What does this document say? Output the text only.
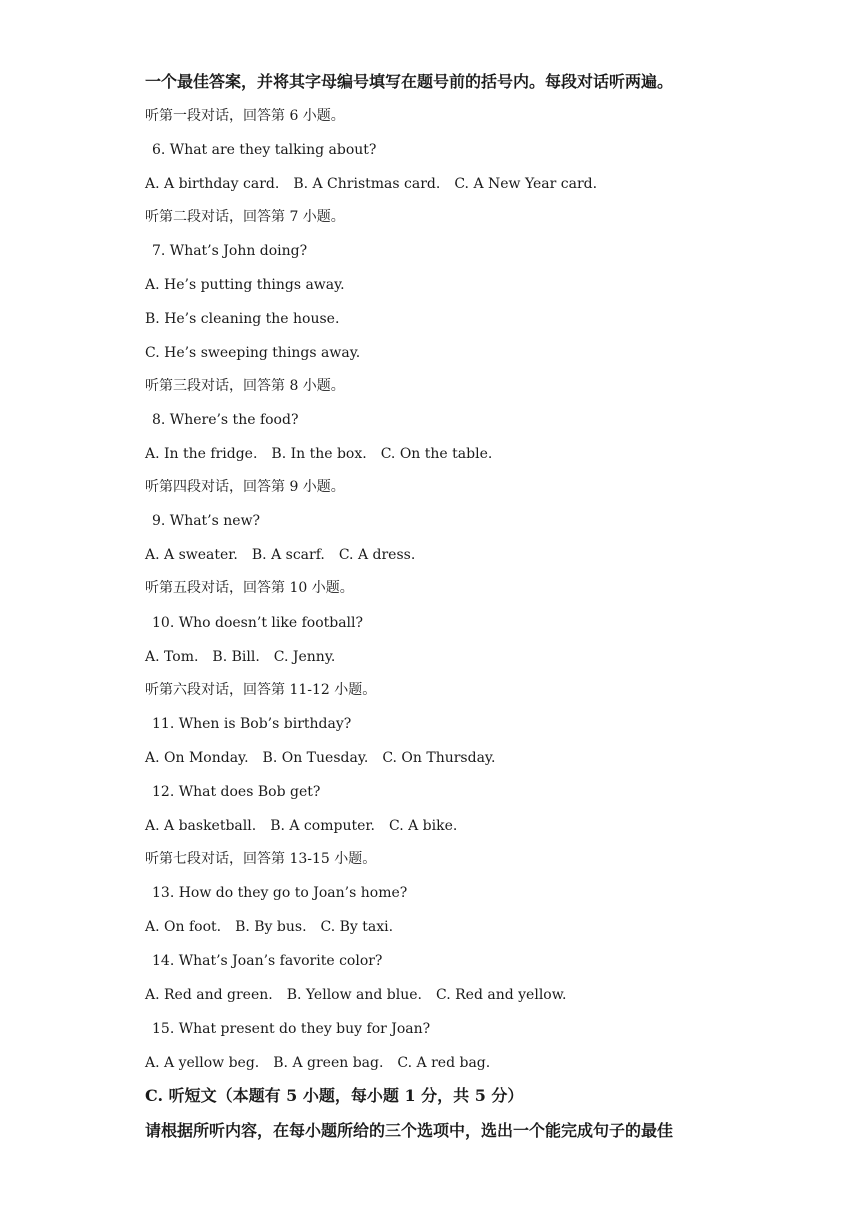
一个最佳答案，并将其字母编号填写在题号前的括号内。每段对话听两遍。
听第一段对话，回答第 6 小题。
6. What are they talking about?
A. A birthday card. B. A Christmas card. C. A New Year card.
听第二段对话，回答第 7 小题。
7. What’s John doing?
A. He’s putting things away.
B. He’s cleaning the house.
C. He’s sweeping things away.
听第三段对话，回答第 8 小题。
8. Where’s the food?
A. In the fridge. B. In the box. C. On the table.
听第四段对话，回答第 9 小题。
9. What’s new?
A. A sweater. B. A scarf. C. A dress.
听第五段对话，回答第 10 小题。
10. Who doesn’t like football?
A. Tom. B. Bill. C. Jenny.
听第六段对话，回答第 11-12 小题。
11. When is Bob’s birthday?
A. On Monday. B. On Tuesday. C. On Thursday.
12. What does Bob get?
A. A basketball. B. A computer. C. A bike.
听第七段对话，回答第 13-15 小题。
13. How do they go to Joan’s home?
A. On foot. B. By bus. C. By taxi.
14. What’s Joan’s favorite color?
A. Red and green. B. Yellow and blue. C. Red and yellow.
15. What present do they buy for Joan?
A. A yellow beg. B. A green bag. C. A red bag.
C. 听短文（本题有 5 小题，每小题 1 分，共 5 分）
请根据所听内容，在每小题所给的三个选项中，选出一个能完成句子的最佳
